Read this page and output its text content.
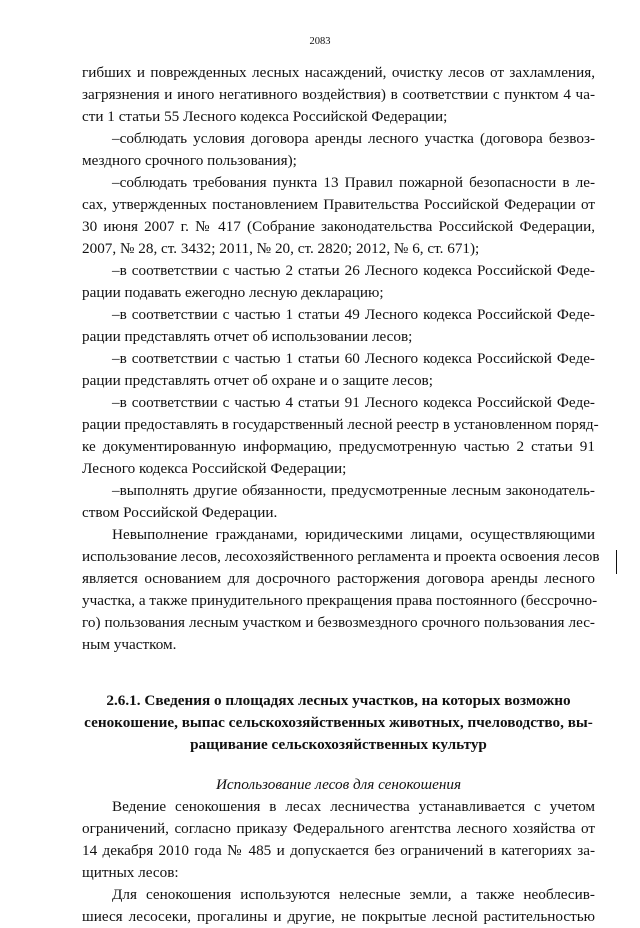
2083
гибших и поврежденных лесных насаждений, очистку лесов от захламления,
загрязнения и иного негативного воздействия) в соответствии с пунктом 4 ча-
сти 1 статьи 55 Лесного кодекса Российской Федерации;
–соблюдать условия договора аренды лесного участка (договора безвоз-
мездного срочного пользования);
–соблюдать требования пункта 13 Правил пожарной безопасности в ле-
сах, утвержденных постановлением Правительства Российской Федерации от
30 июня 2007 г. № 417 (Собрание законодательства Российской Федерации,
2007, № 28, ст. 3432; 2011, № 20, ст. 2820; 2012, № 6, ст. 671);
–в соответствии с частью 2 статьи 26 Лесного кодекса Российской Феде-
рации подавать ежегодно лесную декларацию;
–в соответствии с частью 1 статьи 49 Лесного кодекса Российской Феде-
рации представлять отчет об использовании лесов;
–в соответствии с частью 1 статьи 60 Лесного кодекса Российской Феде-
рации представлять отчет об охране и о защите лесов;
–в соответствии с частью 4 статьи 91 Лесного кодекса Российской Феде-
рации предоставлять в государственный лесной реестр в установленном поряд-
ке документированную информацию, предусмотренную частью 2 статьи 91
Лесного кодекса Российской Федерации;
–выполнять другие обязанности, предусмотренные лесным законодатель-
ством Российской Федерации.
Невыполнение гражданами, юридическими лицами, осуществляющими
использование лесов, лесохозяйственного регламента и проекта освоения лесов
является основанием для досрочного расторжения договора аренды лесного
участка, а также принудительного прекращения права постоянного (бессрочно-
го) пользования лесным участком и безвозмездного срочного пользования лес-
ным участком.
2.6.1. Сведения о площадях лесных участков, на которых возможно
сенокошение, выпас сельскохозяйственных животных, пчеловодство, вы-
ращивание сельскохозяйственных культур
Использование лесов для сенокошения
Ведение сенокошения в лесах лесничества устанавливается с учетом
ограничений, согласно приказу Федерального агентства лесного хозяйства от
14 декабря 2010 года № 485 и допускается без ограничений в категориях за-
щитных лесов:
Для сенокошения используются нелесные земли, а также необлесив-
шиеся лесосеки, прогалины и другие, не покрытые лесной растительностью
